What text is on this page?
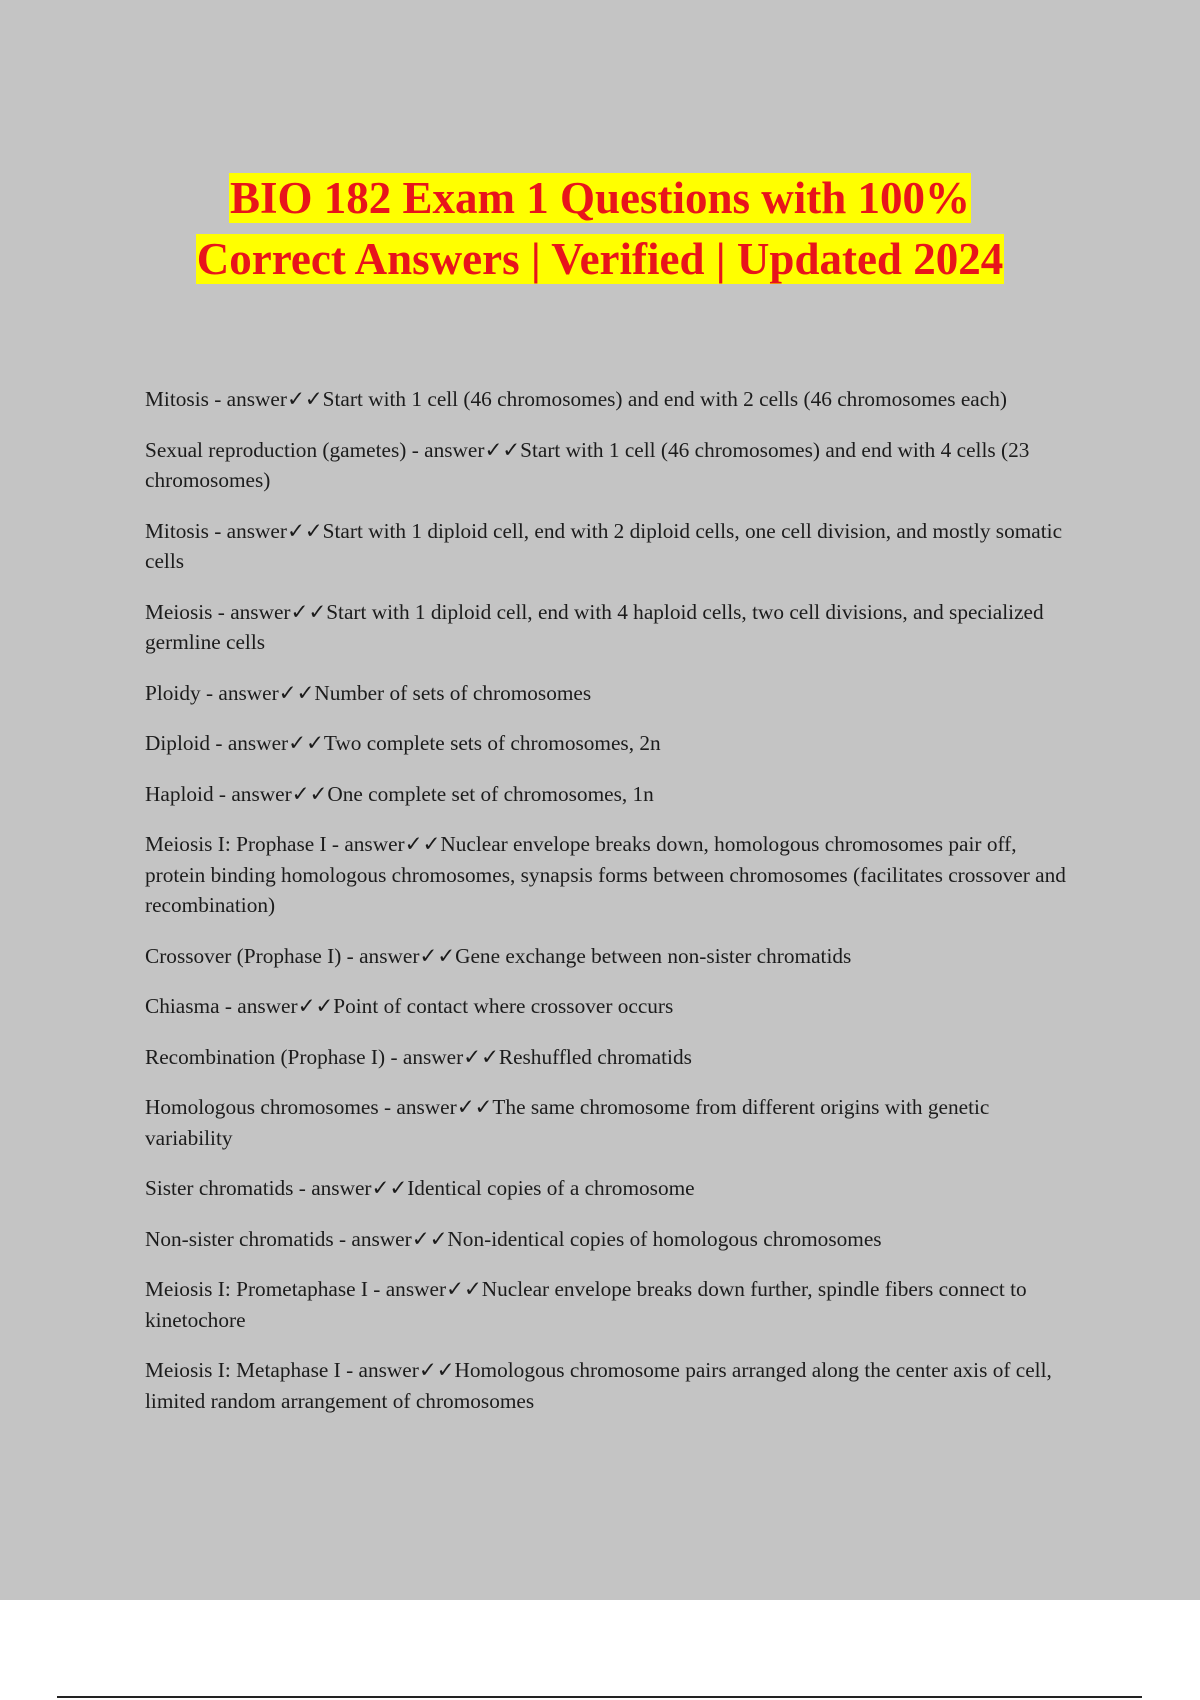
BIO 182 Exam 1 Questions with 100%
Correct Answers | Verified | Updated 2024
Mitosis - answer✓✓Start with 1 cell (46 chromosomes) and end with 2 cells (46 chromosomes each)
Sexual reproduction (gametes) - answer✓✓Start with 1 cell (46 chromosomes) and end with 4 cells (23 chromosomes)
Mitosis - answer✓✓Start with 1 diploid cell, end with 2 diploid cells, one cell division, and mostly somatic cells
Meiosis - answer✓✓Start with 1 diploid cell, end with 4 haploid cells, two cell divisions, and specialized germline cells
Ploidy - answer✓✓Number of sets of chromosomes
Diploid - answer✓✓Two complete sets of chromosomes, 2n
Haploid - answer✓✓One complete set of chromosomes, 1n
Meiosis I: Prophase I - answer✓✓Nuclear envelope breaks down, homologous chromosomes pair off, protein binding homologous chromosomes, synapsis forms between chromosomes (facilitates crossover and recombination)
Crossover (Prophase I) - answer✓✓Gene exchange between non-sister chromatids
Chiasma - answer✓✓Point of contact where crossover occurs
Recombination (Prophase I) - answer✓✓Reshuffled chromatids
Homologous chromosomes - answer✓✓The same chromosome from different origins with genetic variability
Sister chromatids - answer✓✓Identical copies of a chromosome
Non-sister chromatids - answer✓✓Non-identical copies of homologous chromosomes
Meiosis I: Prometaphase I - answer✓✓Nuclear envelope breaks down further, spindle fibers connect to kinetochore
Meiosis I: Metaphase I - answer✓✓Homologous chromosome pairs arranged along the center axis of cell, limited random arrangement of chromosomes
